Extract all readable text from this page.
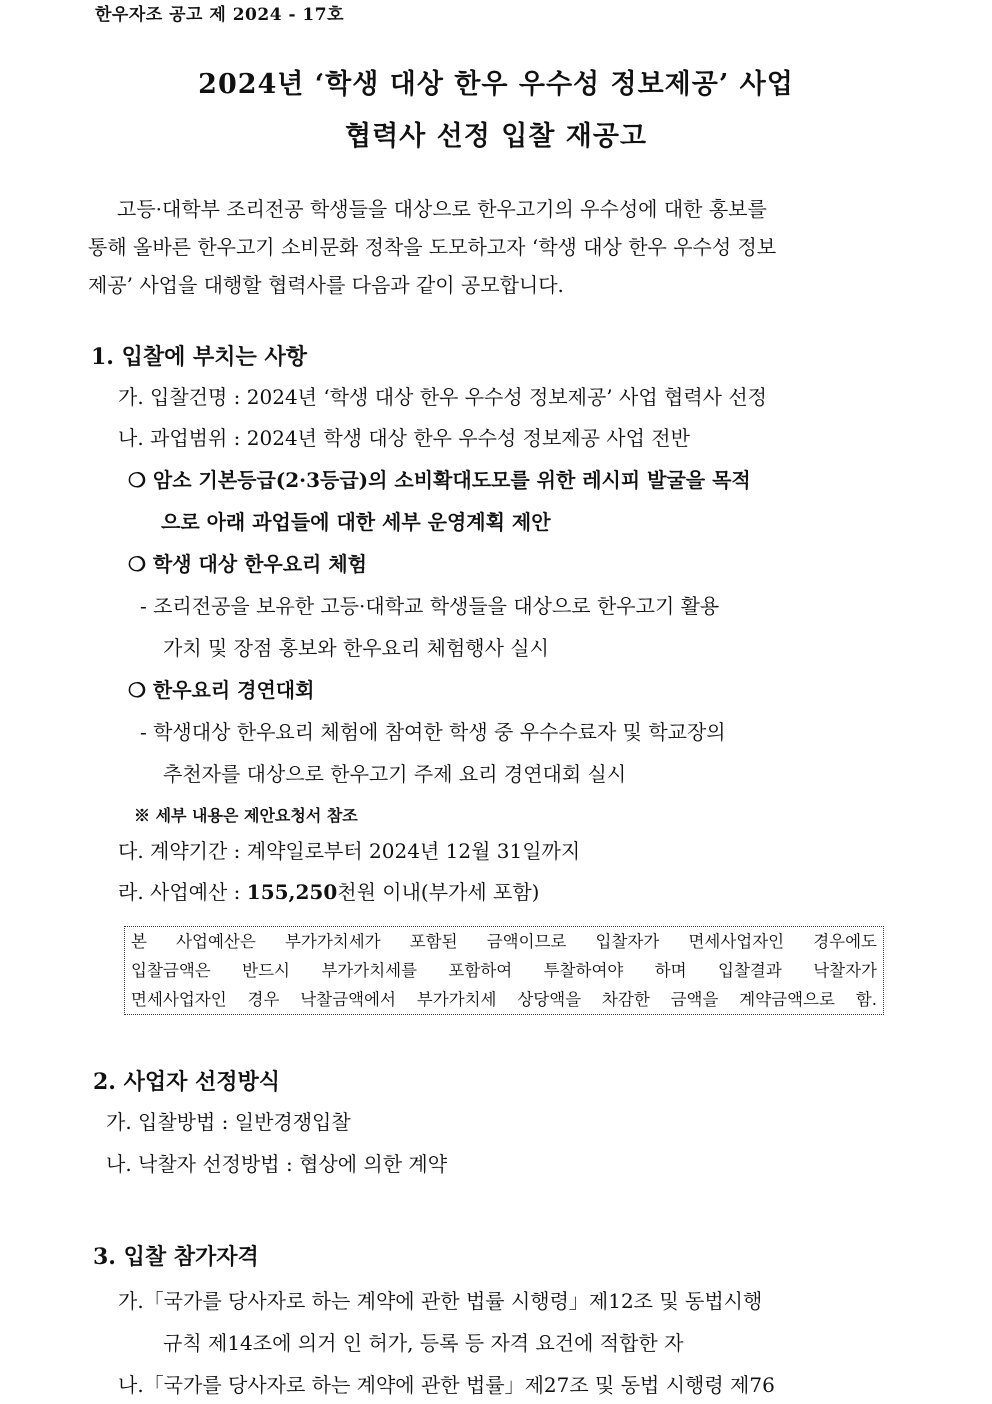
한우자조 공고 제 2024 - 17호
2024년 ‘학생 대상 한우 우수성 정보제공’ 사업
협력사 선정 입찰 재공고
고등·대학부 조리전공 학생들을 대상으로 한우고기의 우수성에 대한 홍보를
통해 올바른 한우고기 소비문화 정착을 도모하고자 ‘학생 대상 한우 우수성 정보
제공’ 사업을 대행할 협력사를 다음과 같이 공모합니다.
1. 입찰에 부치는 사항
가. 입찰건명 : 2024년 ‘학생 대상 한우 우수성 정보제공’ 사업 협력사 선정
나. 과업범위 : 2024년 학생 대상 한우 우수성 정보제공 사업 전반
❍ 암소 기본등급(2·3등급)의 소비확대도모를 위한 레시피 발굴을 목적
으로 아래 과업들에 대한 세부 운영계획 제안
❍ 학생 대상 한우요리 체험
- 조리전공을 보유한 고등·대학교 학생들을 대상으로 한우고기 활용
가치 및 장점 홍보와 한우요리 체험행사 실시
❍ 한우요리 경연대회
- 학생대상 한우요리 체험에 참여한 학생 중 우수수료자 및 학교장의
추천자를 대상으로 한우고기 주제 요리 경연대회 실시
※ 세부 내용은 제안요청서 참조
다. 계약기간 : 계약일로부터 2024년 12월 31일까지
라. 사업예산 : 155,250천원 이내(부가세 포함)
본 사업예산은 부가가치세가 포함된 금액이므로 입찰자가 면세사업자인 경우에도
입찰금액은 반드시 부가가치세를 포함하여 투찰하여야 하며 입찰결과 낙찰자가
면세사업자인 경우 낙찰금액에서 부가가치세 상당액을 차감한 금액을 계약금액으로 함.
2. 사업자 선정방식
가. 입찰방법 : 일반경쟁입찰
나. 낙찰자 선정방법 : 협상에 의한 계약
3. 입찰 참가자격
가.「국가를 당사자로 하는 계약에 관한 법률 시행령」제12조 및 동법시행
규칙 제14조에 의거 인 허가, 등록 등 자격 요건에 적합한 자
나.「국가를 당사자로 하는 계약에 관한 법률」제27조 및 동법 시행령 제76
